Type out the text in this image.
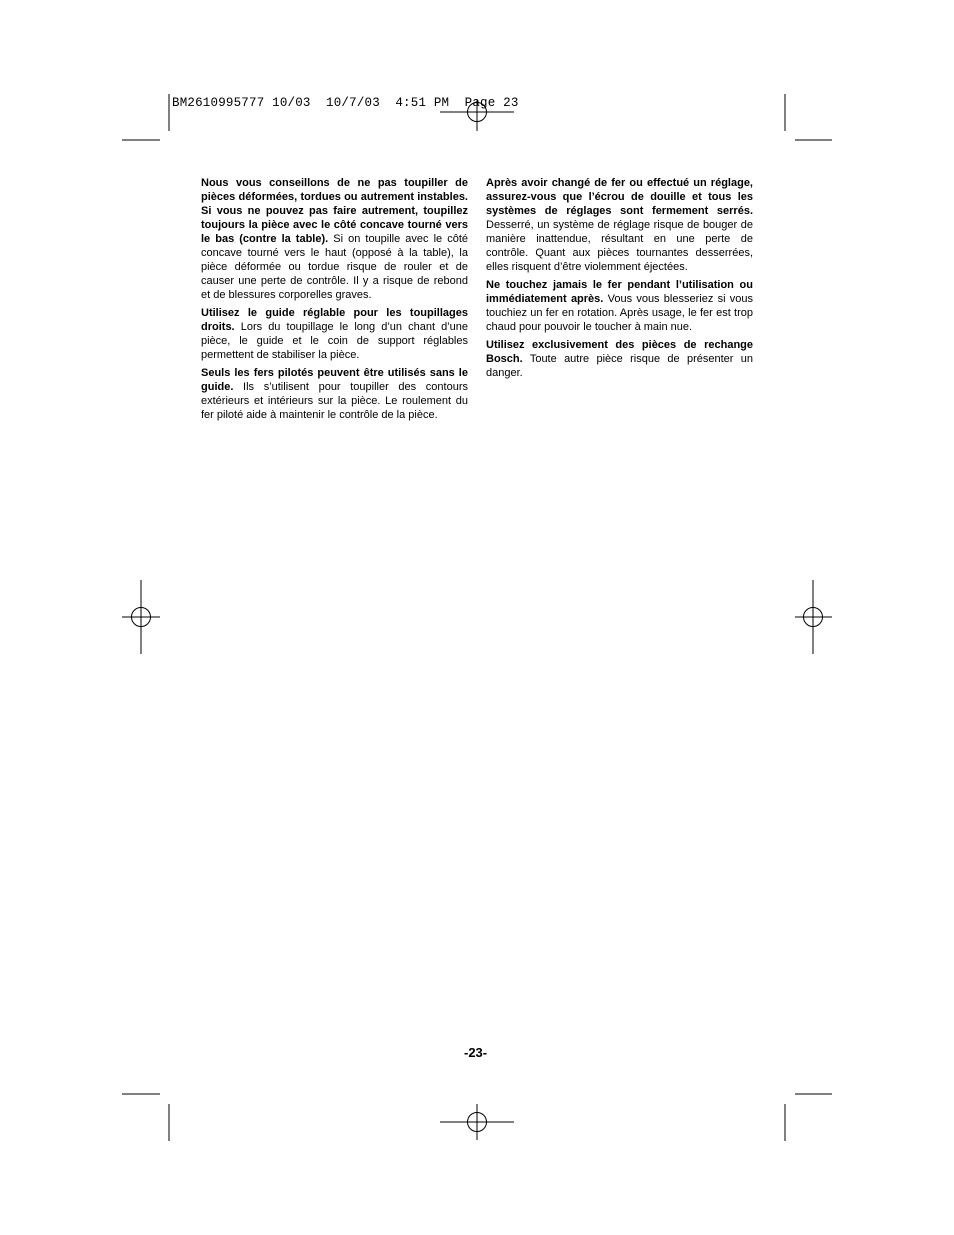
BM2610995777 10/03  10/7/03  4:51 PM  Page 23

Nous vous conseillons de ne pas toupiller de pièces déformées, tordues ou autrement instables. Si vous ne pouvez pas faire autrement, toupillez toujours la pièce avec le côté concave tourné vers le bas (contre la table). Si on toupille avec le côté concave tourné vers le haut (opposé à la table), la pièce déformée ou tordue risque de rouler et de causer une perte de contrôle. Il y a risque de rebond et de blessures corporelles graves.

Utilisez le guide réglable pour les toupillages droits. Lors du toupillage le long d’un chant d’une pièce, le guide et le coin de support réglables permettent de stabiliser la pièce.

Seuls les fers pilotés peuvent être utilisés sans le guide. Ils s’utilisent pour toupiller des contours extérieurs et intérieurs sur la pièce. Le roulement du fer piloté aide à maintenir le contrôle de la pièce.

Après avoir changé de fer ou effectué un réglage, assurez-vous que l’écrou de douille et tous les systèmes de réglages sont fermement serrés. Desserré, un système de réglage risque de bouger de manière inattendue, résultant en une perte de contrôle. Quant aux pièces tournantes desserrées, elles risquent d’être violemment éjectées.

Ne touchez jamais le fer pendant l’utilisation ou immédiatement après. Vous vous blesseriez si vous touchiez un fer en rotation. Après usage, le fer est trop chaud pour pouvoir le toucher à main nue.

Utilisez exclusivement des pièces de rechange Bosch. Toute autre pièce risque de présenter un danger.

-23-
